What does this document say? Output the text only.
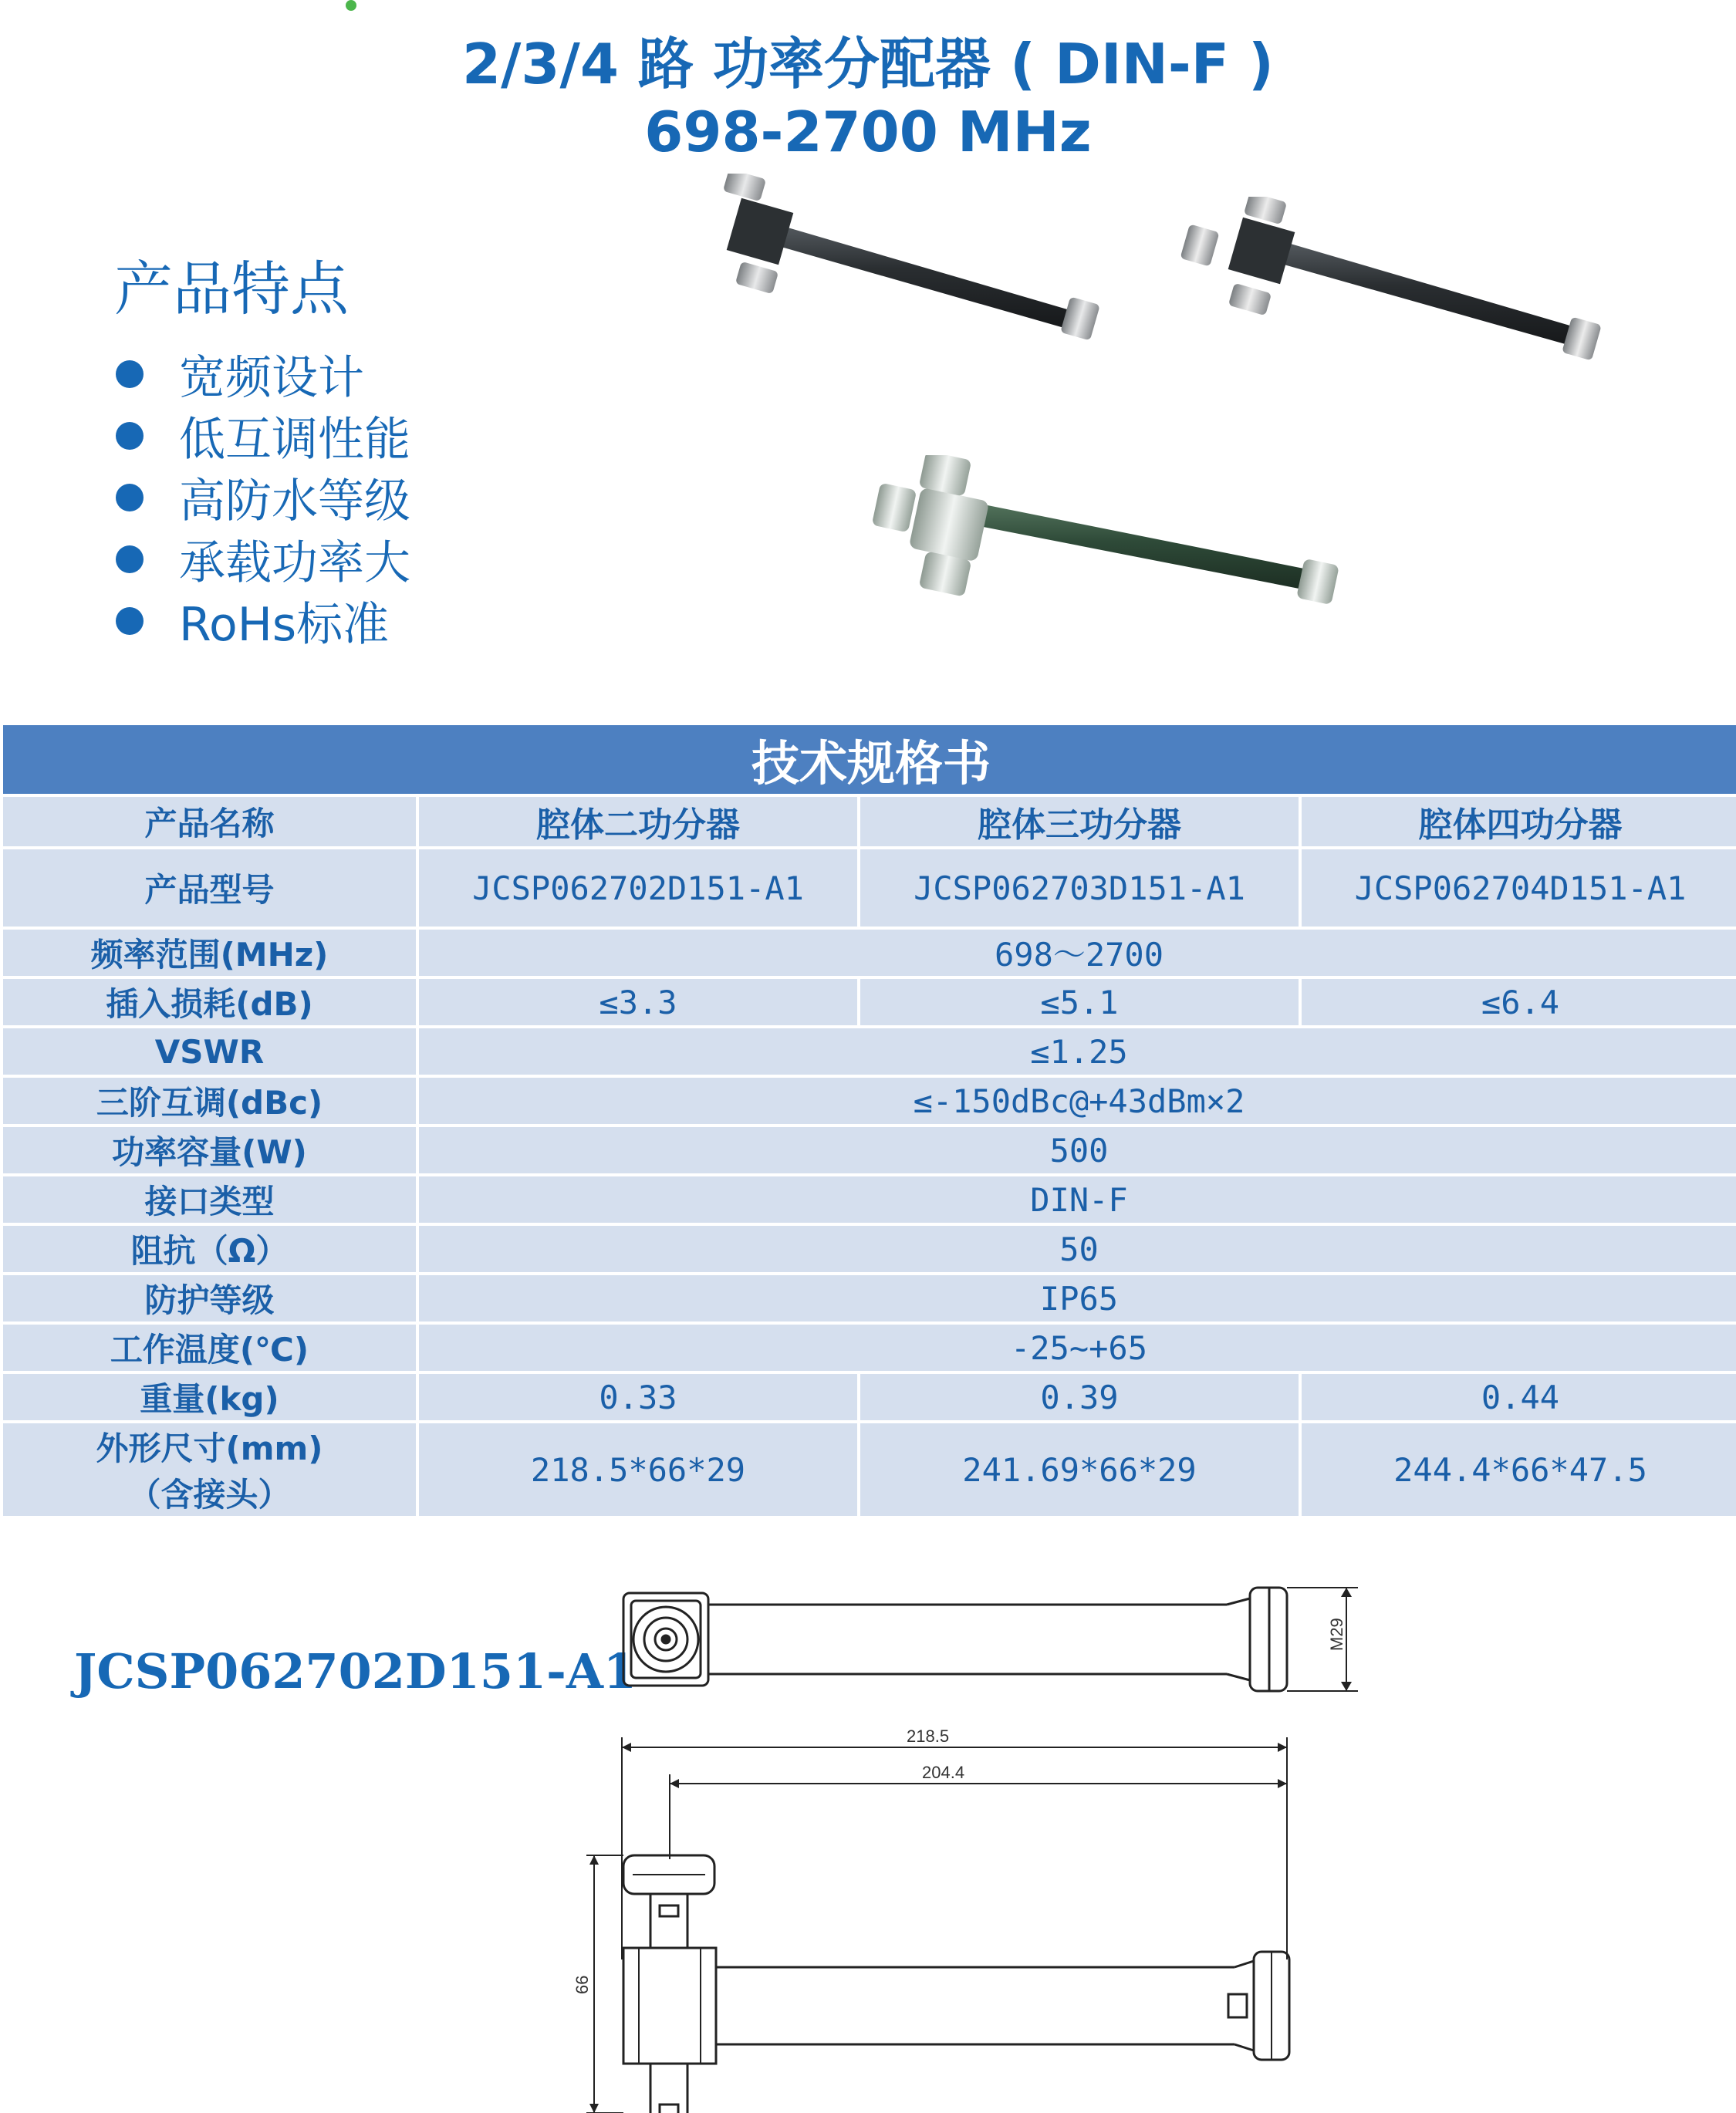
2/3/4 路 功率分配器 ( DIN-F )
698-2700 MHz
产品特点
宽频设计
低互调性能
高防水等级
承载功率大
RoHs标准
技术规格书			
产品名称	腔体二功分器	腔体三功分器	腔体四功分器
产品型号	JCSP062702D151-A1	JCSP062703D151-A1	JCSP062704D151-A1
频率范围(MHz)	698～2700		
插入损耗(dB)	≤3.3	≤5.1	≤6.4
VSWR	≤1.25		
三阶互调(dBc)	≤-150dBc@+43dBm×2		
功率容量(W)	500		
接口类型	DIN-F		
阻抗（Ω）	50		
防护等级	IP65		
工作温度(℃)	-25~+65		
重量(kg)	0.33	0.39	0.44

外形尺寸(mm)
（含接头）	218.5*66*29	241.69*66*29	244.4*66*47.5
JCSP062702D151-A1
M29
218.5
204.4
66
